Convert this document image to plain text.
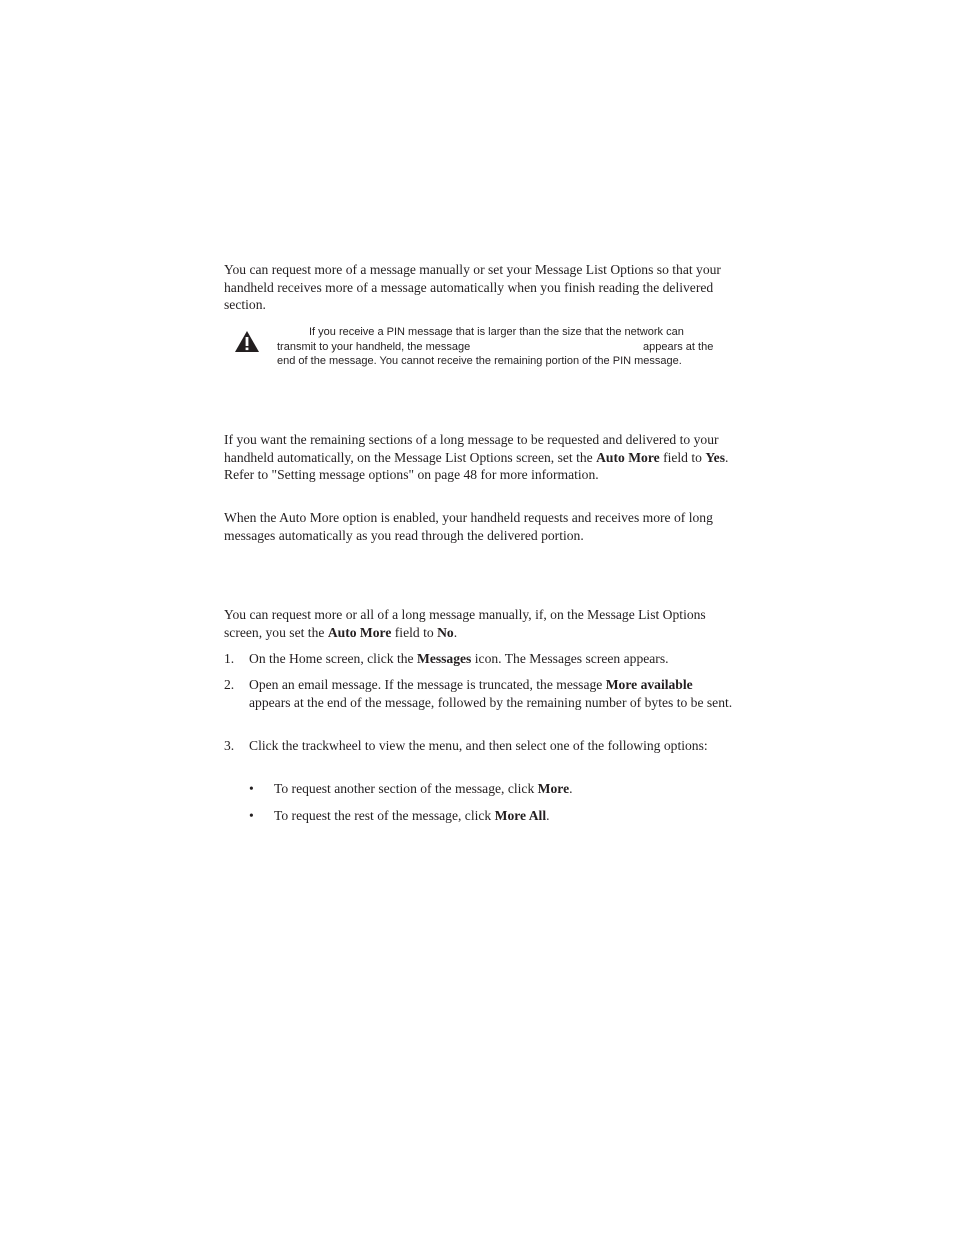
You can request more of a message manually or set your Message List Options so that your handheld receives more of a message automatically when you finish reading the delivered section.

If you receive a PIN message that is larger than the size that the network can
transmit to your handheld, the message	appears at the
end of the message. You cannot receive the remaining portion of the PIN message.

If you want the remaining sections of a long message to be requested and delivered to your handheld automatically, on the Message List Options screen, set the Auto More field to Yes. Refer to "Setting message options" on page 48 for more information.

When the Auto More option is enabled, your handheld requests and receives more of long messages automatically as you read through the delivered portion.

You can request more or all of a long message manually, if, on the Message List Options screen, you set the Auto More field to No.

1. On the Home screen, click the Messages icon. The Messages screen appears.
2. Open an email message. If the message is truncated, the message More available appears at the end of the message, followed by the remaining number of bytes to be sent.
3. Click the trackwheel to view the menu, and then select one of the following options:
• To request another section of the message, click More.
• To request the rest of the message, click More All.
